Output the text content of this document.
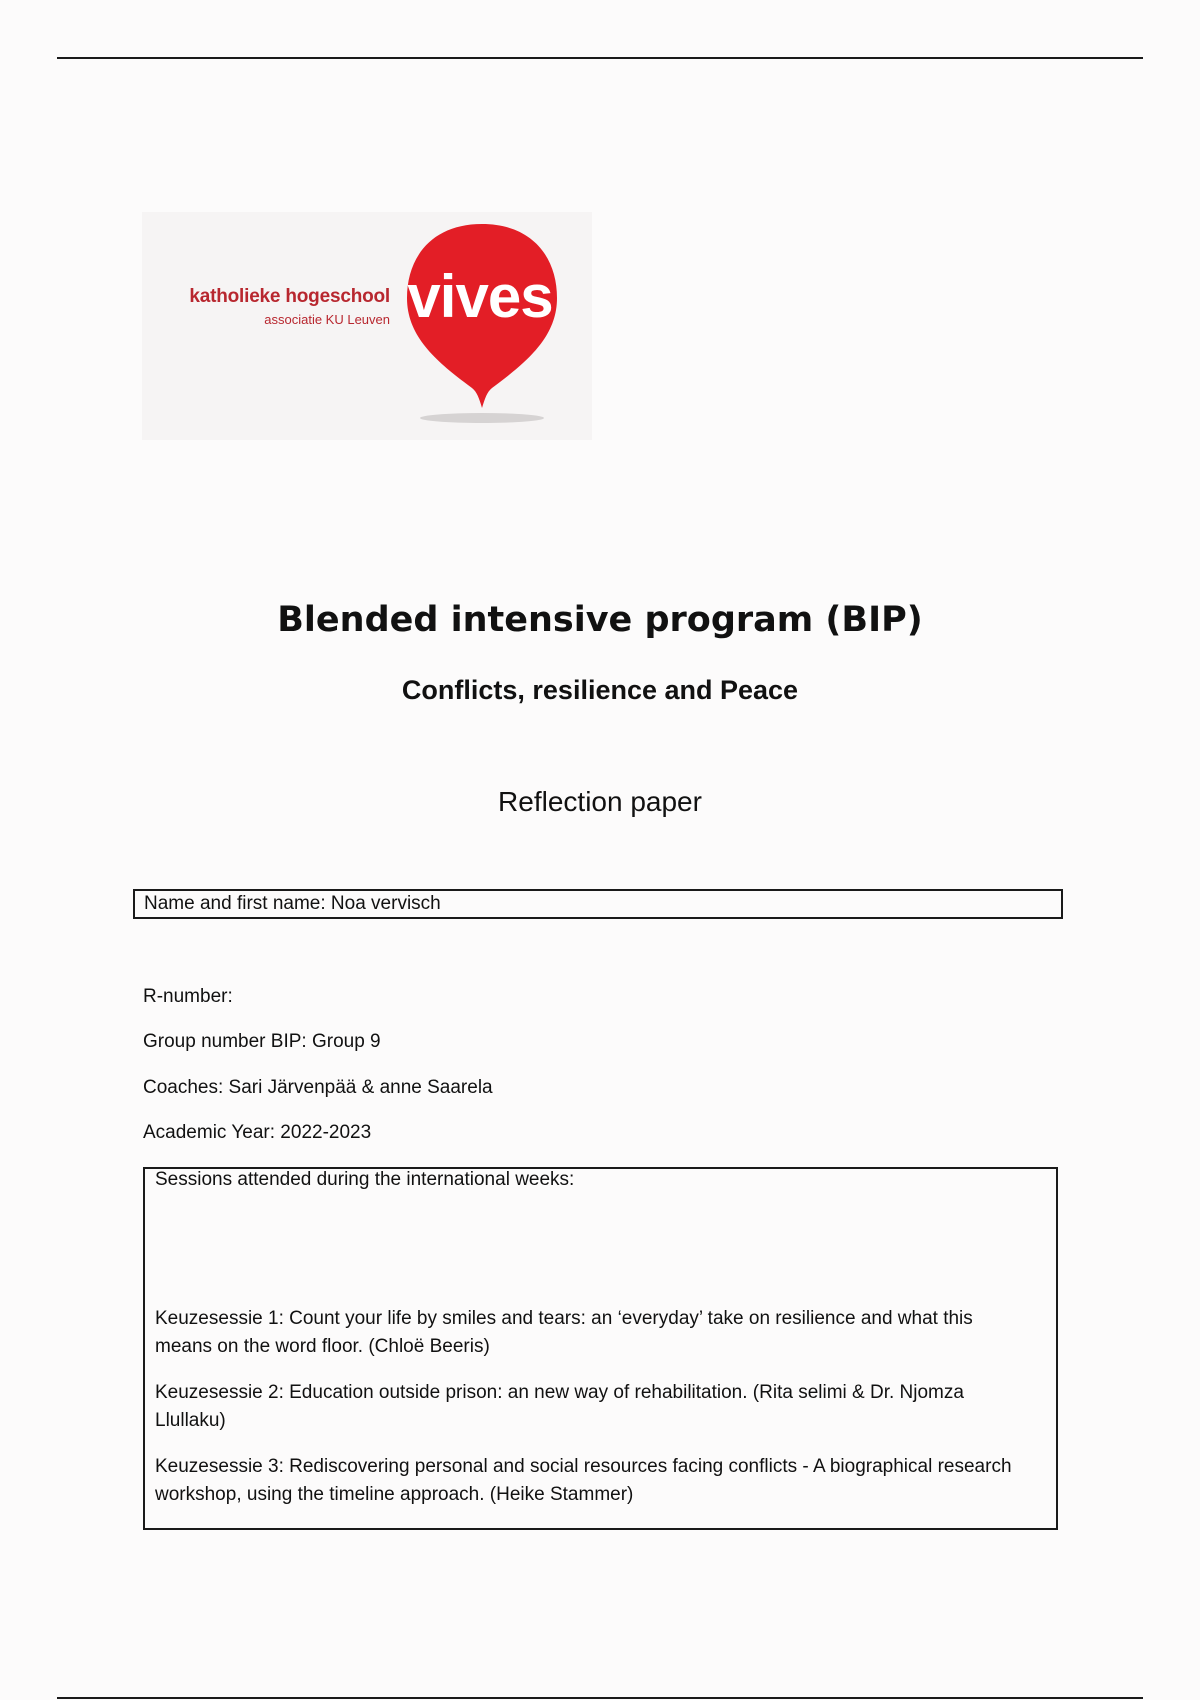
katholieke hogeschool
associatie KU Leuven vives
Blended intensive program (BIP)
Conflicts, resilience and Peace
Reflection paper
Name and first name: Noa vervisch
R-number:
Group number BIP: Group 9
Coaches: Sari Järvenpää & anne Saarela
Academic Year: 2022-2023
Sessions attended during the international weeks:
Keuzesessie 1: Count your life by smiles and tears: an ‘everyday’ take on resilience and what this means on the word floor. (Chloë Beeris)
Keuzesessie 2: Education outside prison: an new way of rehabilitation. (Rita selimi & Dr. Njomza Llullaku)
Keuzesessie 3: Rediscovering personal and social resources facing conflicts - A biographical research workshop, using the timeline approach. (Heike Stammer)
